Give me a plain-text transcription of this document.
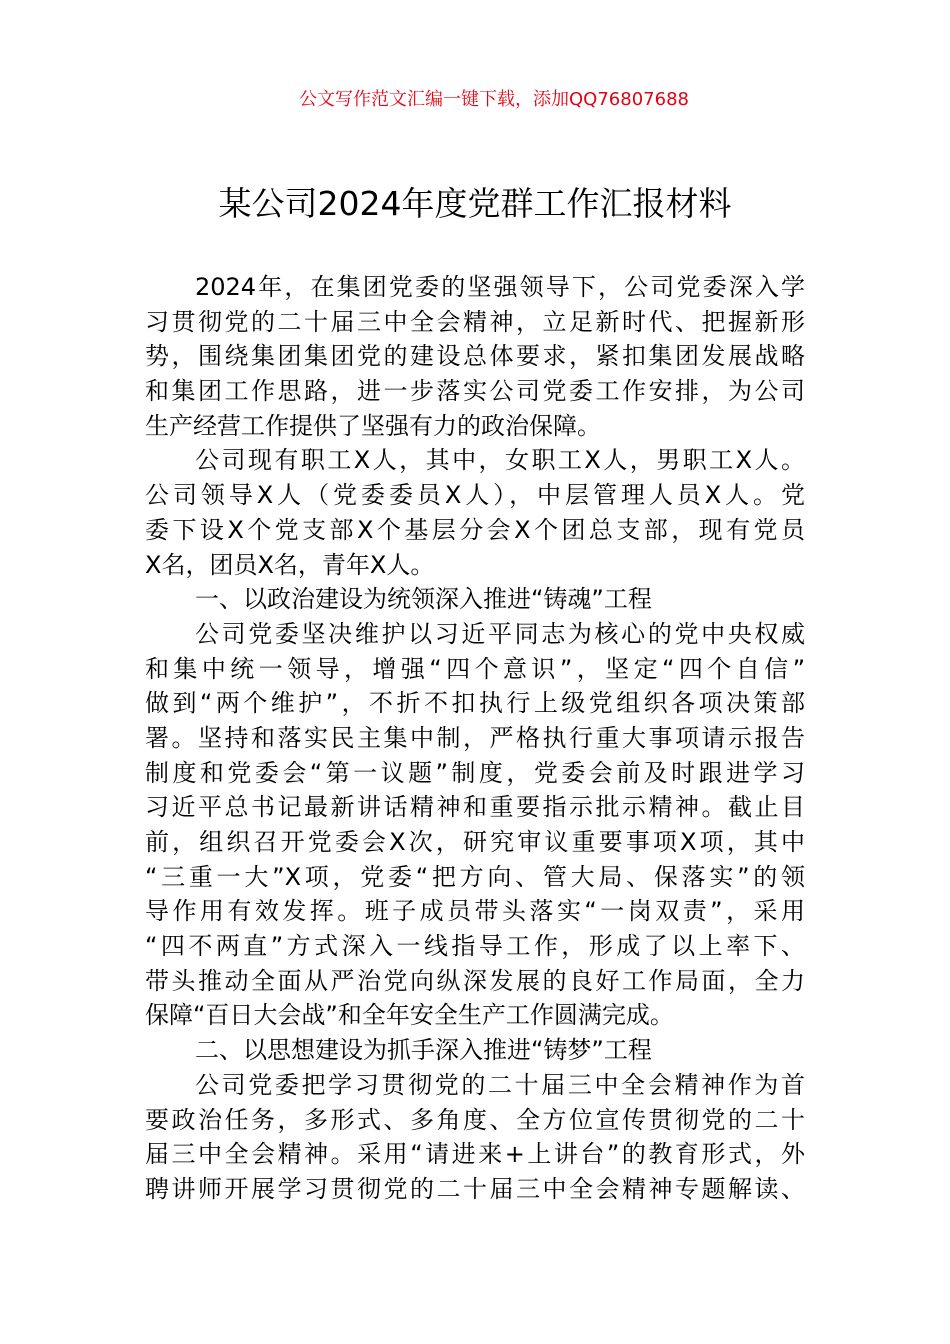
公文写作范文汇编一键下载，添加QQ76807688
某公司2024年度党群工作汇报材料
2024年，在集团党委的坚强领导下，公司党委深入学
习贯彻党的二十届三中全会精神，立足新时代、把握新形
势，围绕集团集团党的建设总体要求，紧扣集团发展战略
和集团工作思路，进一步落实公司党委工作安排，为公司
生产经营工作提供了坚强有力的政治保障。
公司现有职工X人，其中，女职工X人，男职工X人。
公司领导X人（党委委员X人），中层管理人员X人。党
委下设X个党支部X个基层分会X个团总支部，现有党员
X名，团员X名，青年X人。
一、以政治建设为统领深入推进“铸魂”工程
公司党委坚决维护以习近平同志为核心的党中央权威
和集中统一领导，增强“四个意识”，坚定“四个自信”
做到“两个维护”，不折不扣执行上级党组织各项决策部
署。坚持和落实民主集中制，严格执行重大事项请示报告
制度和党委会“第一议题”制度，党委会前及时跟进学习
习近平总书记最新讲话精神和重要指示批示精神。截止目
前，组织召开党委会X次，研究审议重要事项X项，其中
“三重一大”X项，党委“把方向、管大局、保落实”的领
导作用有效发挥。班子成员带头落实“一岗双责”，采用
“四不两直”方式深入一线指导工作，形成了以上率下、
带头推动全面从严治党向纵深发展的良好工作局面，全力
保障“百日大会战”和全年安全生产工作圆满完成。
二、以思想建设为抓手深入推进“铸梦”工程
公司党委把学习贯彻党的二十届三中全会精神作为首
要政治任务，多形式、多角度、全方位宣传贯彻党的二十
届三中全会精神。采用“请进来+上讲台”的教育形式，外
聘讲师开展学习贯彻党的二十届三中全会精神专题解读、
